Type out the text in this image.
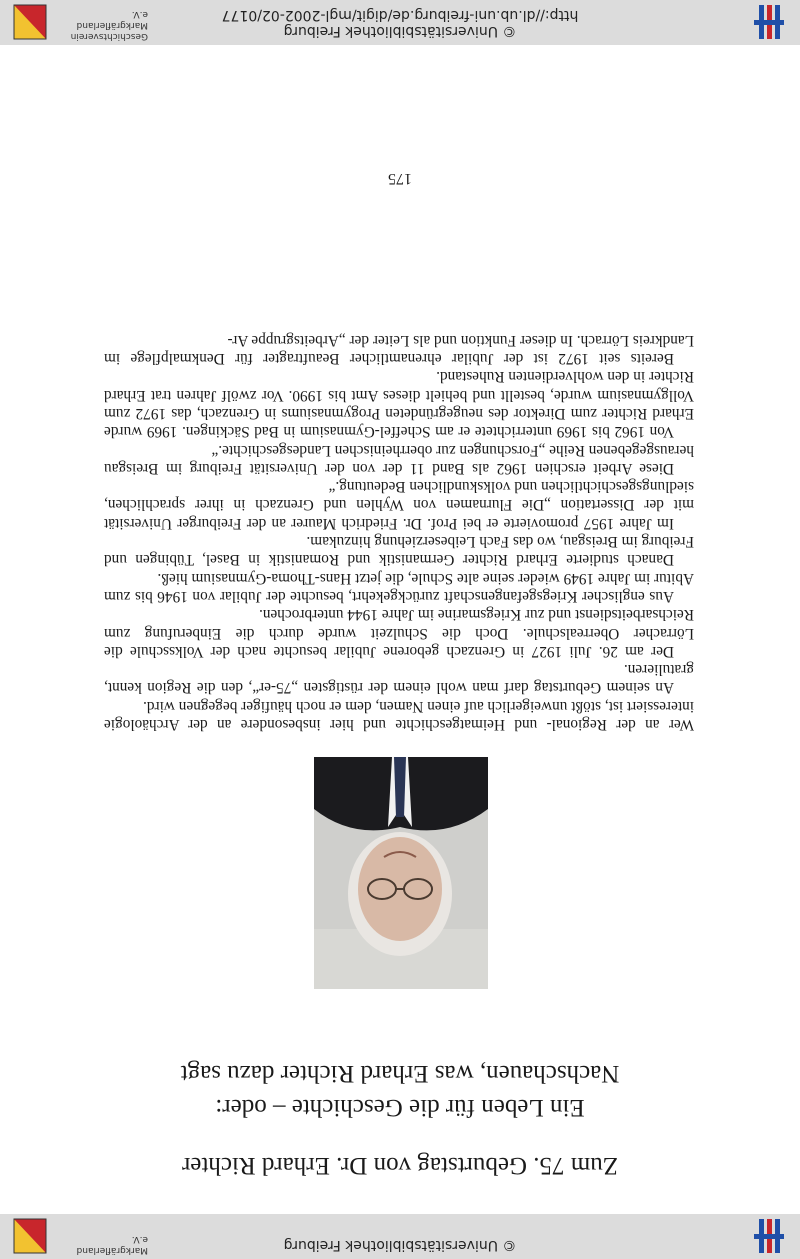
© Universitätsbibliothek Freiburg
Markgräflerland e.V.
© Universitätsbibliothek Freiburg
http://dl.ub.uni-freiburg.de/digit/mgl-2002-02/0177
Geschichtsverein
Markgräflerland e.V.
Zum 75. Geburtstag von Dr. Erhard Richter
Ein Leben für die Geschichte – oder:
Nachschauen, was Erhard Richter dazu sagt

Wer an der Regional- und Heimatgeschichte und hier insbesondere an der Archäologie interessiert ist, stößt unweigerlich auf einen Namen, dem er noch häufiger begegnen wird.

An seinem Geburtstag darf man wohl einem der rüstigsten „75-er“, den die Region kennt, gratulieren.

Der am 26. Juli 1927 in Grenzach geborene Jubilar besuchte nach der Volksschule die Lörracher Oberrealschule. Doch die Schulzeit wurde durch die Einberufung zum Reichsarbeitsdienst und zur Kriegsmarine im Jahre 1944 unterbrochen.

Aus englischer Kriegsgefangenschaft zurückgekehrt, besuchte der Jubilar von 1946 bis zum Abitur im Jahre 1949 wieder seine alte Schule, die jetzt Hans-Thoma-Gymnasium hieß.

Danach studierte Erhard Richter Germanistik und Romanistik in Basel, Tübingen und Freiburg im Breisgau, wo das Fach Leibeserziehung hinzukam.

Im Jahre 1957 promovierte er bei Prof. Dr. Friedrich Maurer an der Freiburger Universität mit der Dissertation „Die Flurnamen von Wyhlen und Grenzach in ihrer sprachlichen, siedlungsgeschichtlichen und volkskundlichen Bedeutung.“

Diese Arbeit erschien 1962 als Band 11 der von der Universität Freiburg im Breisgau herausgegebenen Reihe „Forschungen zur oberrheinischen Landesgeschichte.“

Von 1962 bis 1969 unterrichtete er am Scheffel-Gymnasium in Bad Säckingen. 1969 wurde Erhard Richter zum Direktor des neugegründeten Progymnasiums in Grenzach, das 1972 zum Vollgymnasium wurde, bestellt und behielt dieses Amt bis 1990. Vor zwölf Jahren trat Erhard Richter in den wohlverdienten Ruhestand.

Bereits seit 1972 ist der Jubilar ehrenamtlicher Beauftragter für Denkmalpflege im Landkreis Lörrach. In dieser Funktion und als Leiter der „Arbeitsgruppe Ar-

175
